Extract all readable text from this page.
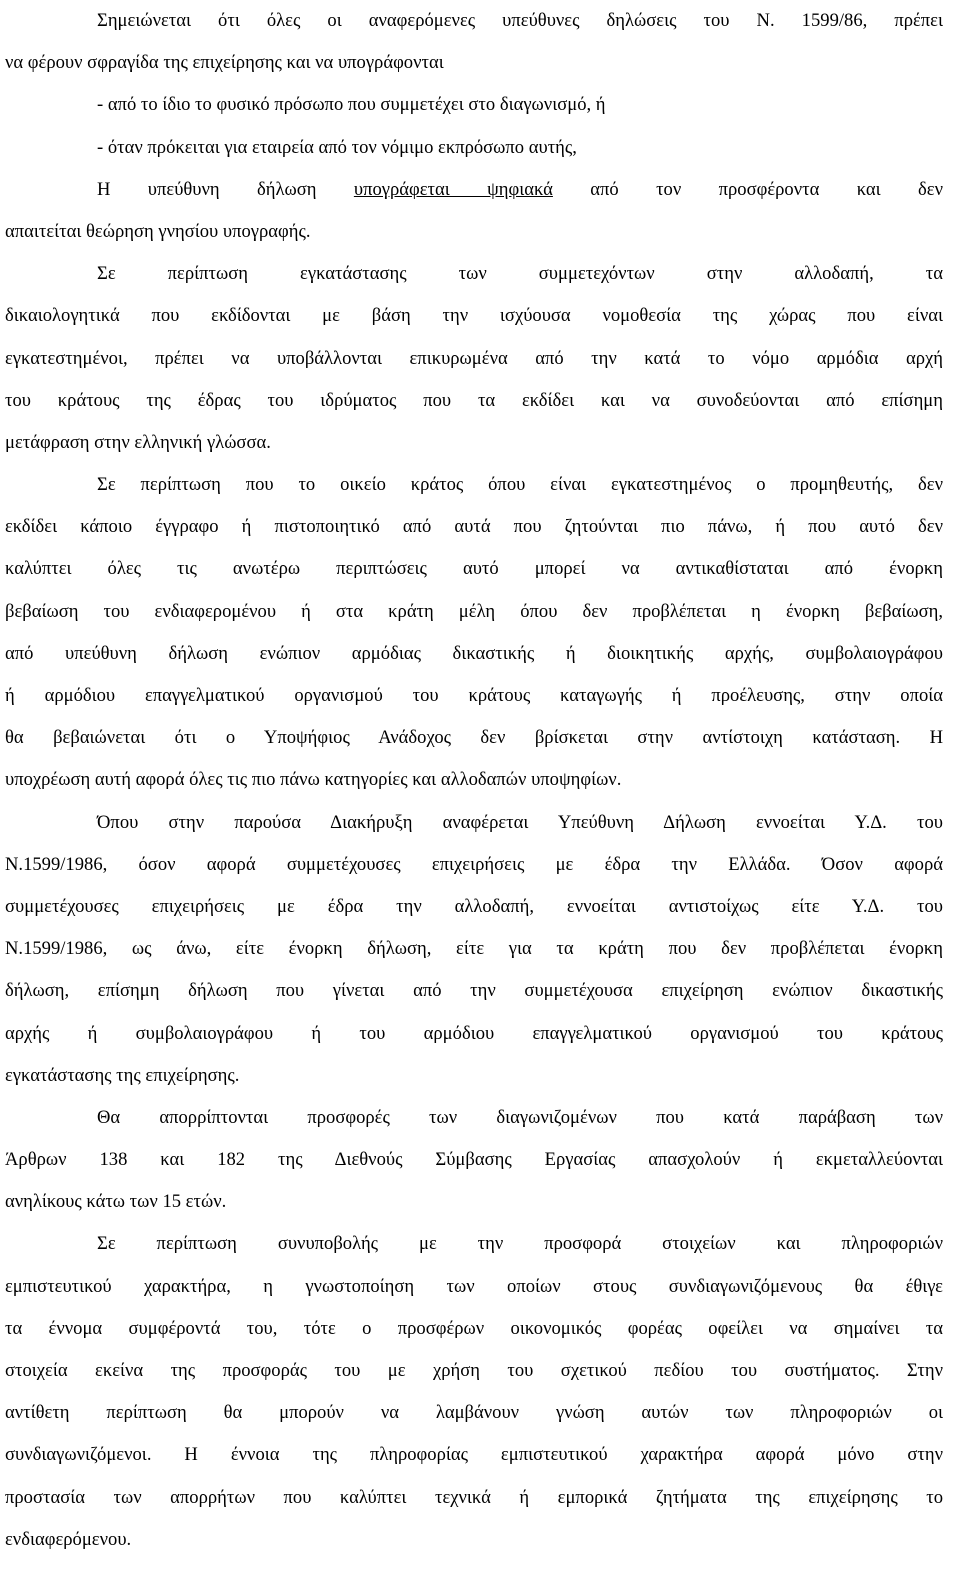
Σημειώνεται ότι όλες οι αναφερόμενες υπεύθυνες δηλώσεις του Ν. 1599/86, πρέπει
να φέρουν σφραγίδα της επιχείρησης και να υπογράφονται
- από το ίδιο το φυσικό πρόσωπο που συμμετέχει στο διαγωνισμό, ή
- όταν πρόκειται για εταιρεία από τον νόμιμο εκπρόσωπο αυτής,
Η υπεύθυνη δήλωση υπογράφεται ψηφιακά από τον προσφέροντα και δεν
απαιτείται θεώρηση γνησίου υπογραφής.
Σε περίπτωση εγκατάστασης των συμμετεχόντων στην αλλοδαπή, τα
δικαιολογητικά που εκδίδονται με βάση την ισχύουσα νομοθεσία της χώρας που είναι
εγκατεστημένοι, πρέπει να υποβάλλονται επικυρωμένα από την κατά το νόμο αρμόδια αρχή
του κράτους της έδρας του ιδρύματος που τα εκδίδει και να συνοδεύονται από επίσημη
μετάφραση στην ελληνική γλώσσα.
Σε περίπτωση που το οικείο κράτος όπου είναι εγκατεστημένος ο προμηθευτής, δεν
εκδίδει κάποιο έγγραφο ή πιστοποιητικό από αυτά που ζητούνται πιο πάνω, ή που αυτό δεν
καλύπτει όλες τις ανωτέρω περιπτώσεις αυτό μπορεί να αντικαθίσταται από ένορκη
βεβαίωση του ενδιαφερομένου ή στα κράτη μέλη όπου δεν προβλέπεται η ένορκη βεβαίωση,
από υπεύθυνη δήλωση ενώπιον αρμόδιας δικαστικής ή διοικητικής αρχής, συμβολαιογράφου
ή αρμόδιου επαγγελματικού οργανισμού του κράτους καταγωγής ή προέλευσης, στην οποία
θα βεβαιώνεται ότι ο Υποψήφιος Ανάδοχος δεν βρίσκεται στην αντίστοιχη κατάσταση. Η
υποχρέωση αυτή αφορά όλες τις πιο πάνω κατηγορίες και αλλοδαπών υποψηφίων.
Όπου στην παρούσα Διακήρυξη αναφέρεται Υπεύθυνη Δήλωση εννοείται Υ.Δ. του
Ν.1599/1986, όσον αφορά συμμετέχουσες επιχειρήσεις με έδρα την Ελλάδα. Όσον αφορά
συμμετέχουσες επιχειρήσεις με έδρα την αλλοδαπή, εννοείται αντιστοίχως είτε Υ.Δ. του
Ν.1599/1986, ως άνω, είτε ένορκη δήλωση, είτε για τα κράτη που δεν προβλέπεται ένορκη
δήλωση, επίσημη δήλωση που γίνεται από την συμμετέχουσα επιχείρηση ενώπιον δικαστικής
αρχής ή συμβολαιογράφου ή του αρμόδιου επαγγελματικού οργανισμού του κράτους
εγκατάστασης της επιχείρησης.
Θα απορρίπτονται προσφορές των διαγωνιζομένων που κατά παράβαση των
Άρθρων 138 και 182 της Διεθνούς Σύμβασης Εργασίας απασχολούν ή εκμεταλλεύονται
ανηλίκους κάτω των 15 ετών.
Σε περίπτωση συνυποβολής με την προσφορά στοιχείων και πληροφοριών
εμπιστευτικού χαρακτήρα, η γνωστοποίηση των οποίων στους συνδιαγωνιζόμενους θα έθιγε
τα έννομα συμφέροντά του, τότε ο προσφέρων οικονομικός φορέας οφείλει να σημαίνει τα
στοιχεία εκείνα της προσφοράς του με χρήση του σχετικού πεδίου του συστήματος. Στην
αντίθετη περίπτωση θα μπορούν να λαμβάνουν γνώση αυτών των πληροφοριών οι
συνδιαγωνιζόμενοι. Η έννοια της πληροφορίας εμπιστευτικού χαρακτήρα αφορά μόνο στην
προστασία των απορρήτων που καλύπτει τεχνικά ή εμπορικά ζητήματα της επιχείρησης το
ενδιαφερόμενου.
